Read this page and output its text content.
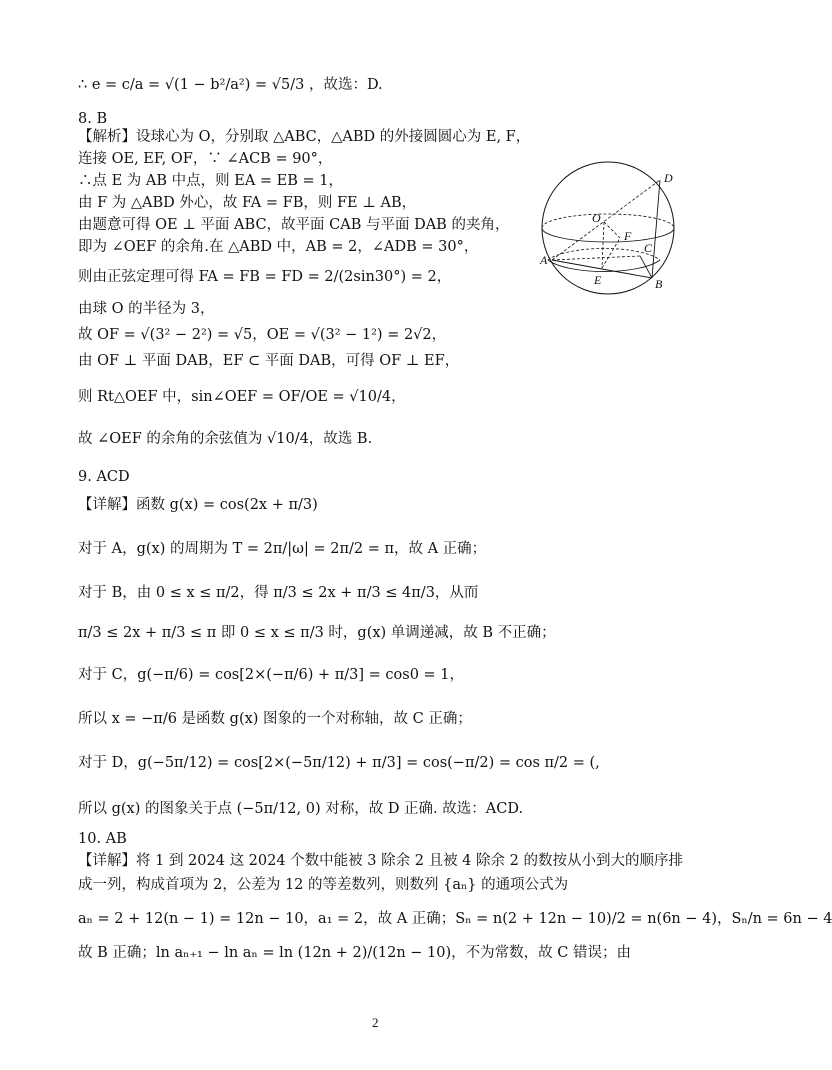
∴ e = c/a = √(1 − b²/a²) = √5/3 ，故选：D.
8. B
【解析】设球心为 O，分别取 △ABC，△ABD 的外接圆圆心为 E, F，
连接 OE, EF, OF，∵ ∠ACB = 90°，
∴点 E 为 AB 中点，则 EA = EB = 1，
由 F 为 △ABD 外心，故 FA = FB，则 FE ⊥ AB，
由题意可得 OE ⊥ 平面 ABC，故平面 CAB 与平面 DAB 的夹角，
即为 ∠OEF 的余角.在 △ABD 中，AB = 2，∠ADB = 30°，
则由正弦定理可得 FA = FB = FD = 2/(2sin30°) = 2，
由球 O 的半径为 3，
故 OF = √(3² − 2²) = √5，OE = √(3² − 1²) = 2√2，
由 OF ⊥ 平面 DAB，EF ⊂ 平面 DAB，可得 OF ⊥ EF，
则 Rt△OEF 中，sin∠OEF = OF/OE = √10/4，
故 ∠OEF 的余角的余弦值为 √10/4，故选 B.
9. ACD
【详解】函数 g(x) = cos(2x + π/3)
对于 A，g(x) 的周期为 T = 2π/|ω| = 2π/2 = π，故 A 正确；
对于 B，由 0 ≤ x ≤ π/2，得 π/3 ≤ 2x + π/3 ≤ 4π/3，从而
π/3 ≤ 2x + π/3 ≤ π 即 0 ≤ x ≤ π/3 时，g(x) 单调递减，故 B 不正确；
对于 C，g(−π/6) = cos[2×(−π/6) + π/3] = cos0 = 1，
所以 x = −π/6 是函数 g(x) 图象的一个对称轴，故 C 正确；
对于 D，g(−5π/12) = cos[2×(−5π/12) + π/3] = cos(−π/2) = cos π/2 = (,
所以 g(x) 的图象关于点 (−5π/12, 0) 对称，故 D 正确. 故选：ACD.
10. AB
【详解】将 1 到 2024 这 2024 个数中能被 3 除余 2 且被 4 除余 2 的数按从小到大的顺序排
成一列，构成首项为 2，公差为 12 的等差数列，则数列 {aₙ} 的通项公式为
aₙ = 2 + 12(n − 1) = 12n − 10，a₁ = 2，故 A 正确；Sₙ = n(2 + 12n − 10)/2 = n(6n − 4)，Sₙ/n = 6n − 4
故 B 正确；ln aₙ₊₁ − ln aₙ = ln (12n + 2)/(12n − 10)，不为常数，故 C 错误；由
O
A
B
C
D
E
F
2
